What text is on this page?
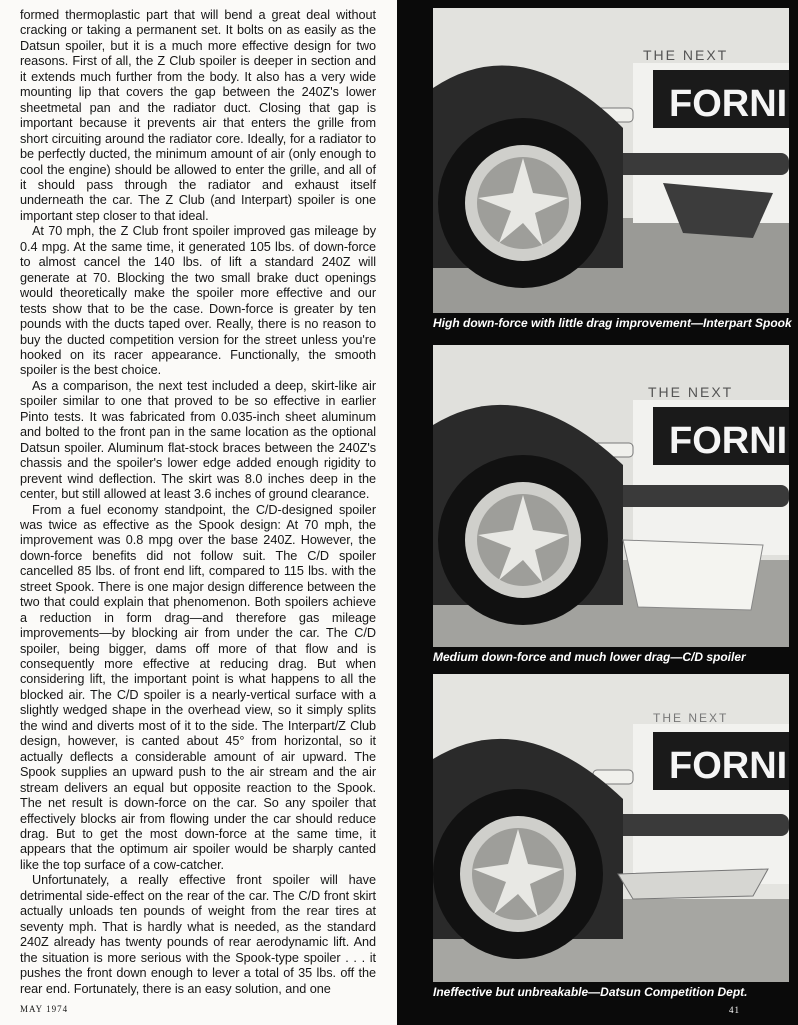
formed thermoplastic part that will bend a great deal without cracking or taking a permanent set. It bolts on as easily as the Datsun spoiler, but it is a much more effective design for two reasons. First of all, the Z Club spoiler is deeper in section and it extends much further from the body. It also has a very wide mounting lip that covers the gap between the 240Z's lower sheetmetal pan and the radiator duct. Closing that gap is important because it prevents air that enters the grille from short circuiting around the radiator core. Ideally, for a radiator to be perfectly ducted, the minimum amount of air (only enough to cool the engine) should be allowed to enter the grille, and all of it should pass through the radiator and exhaust itself underneath the car. The Z Club (and Interpart) spoiler is one important step closer to that ideal.

At 70 mph, the Z Club front spoiler improved gas mileage by 0.4 mpg. At the same time, it generated 105 lbs. of down-force to almost cancel the 140 lbs. of lift a standard 240Z will generate at 70. Blocking the two small brake duct openings would theoretically make the spoiler more effective and our tests show that to be the case. Down-force is greater by ten pounds with the ducts taped over. Really, there is no reason to buy the ducted competition version for the street unless you're hooked on its racer appearance. Functionally, the smooth spoiler is the best choice.

As a comparison, the next test included a deep, skirt-like air spoiler similar to one that proved to be so effective in earlier Pinto tests. It was fabricated from 0.035-inch sheet aluminum and bolted to the front pan in the same location as the optional Datsun spoiler. Aluminum flat-stock braces between the 240Z's chassis and the spoiler's lower edge added enough rigidity to prevent wind deflection. The skirt was 8.0 inches deep in the center, but still allowed at least 3.6 inches of ground clearance.

From a fuel economy standpoint, the C/D-designed spoiler was twice as effective as the Spook design: At 70 mph, the improvement was 0.8 mpg over the base 240Z. However, the down-force benefits did not follow suit. The C/D spoiler cancelled 85 lbs. of front end lift, compared to 115 lbs. with the street Spook. There is one major design difference between the two that could explain that phenomenon. Both spoilers achieve a reduction in form drag—and therefore gas mileage improvements—by blocking air from under the car. The C/D spoiler, being bigger, dams off more of that flow and is consequently more effective at reducing drag. But when considering lift, the important point is what happens to all the blocked air. The C/D spoiler is a nearly-vertical surface with a slightly wedged shape in the overhead view, so it simply splits the wind and diverts most of it to the side. The Interpart/Z Club design, however, is canted about 45° from horizontal, so it actually deflects a considerable amount of air upward. The Spook supplies an upward push to the air stream and the air stream delivers an equal but opposite reaction to the Spook. The net result is down-force on the car. So any spoiler that effectively blocks air from flowing under the car should reduce drag. But to get the most down-force at the same time, it appears that the optimum air spoiler would be sharply canted like the top surface of a cow-catcher.

Unfortunately, a really effective front spoiler will have detrimental side-effect on the rear of the car. The C/D front skirt actually unloads ten pounds of weight from the rear tires at seventy mph. That is hardly what is needed, as the standard 240Z already has twenty pounds of rear aerodynamic lift. And the situation is more serious with the Spook-type spoiler . . . it pushes the front down enough to lever a total of 35 lbs. off the rear end. Fortunately, there is an easy solution, and one

MAY 1974
THE NEXT
FORNI
High down-force with little drag improvement—Interpart Spook
THE NEXT
FORNI
Medium down-force and much lower drag—C/D spoiler
THE NEXT
FORNI
Ineffective but unbreakable—Datsun Competition Dept.
41
